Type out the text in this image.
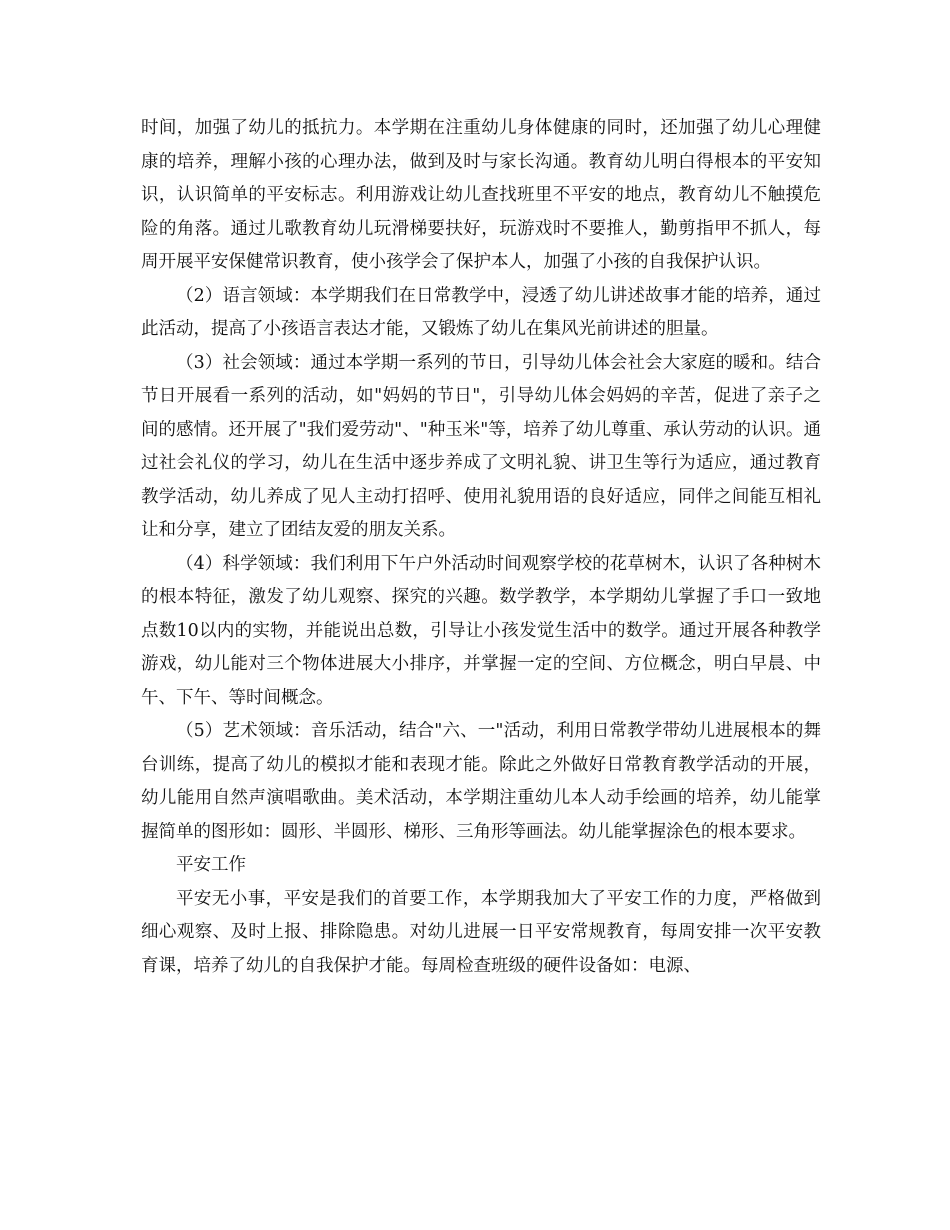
时间，加强了幼儿的抵抗力。本学期在注重幼儿身体健康的同时，还加强了幼儿心理健康的培养，理解小孩的心理办法，做到及时与家长沟通。教育幼儿明白得根本的平安知识，认识简单的平安标志。利用游戏让幼儿查找班里不平安的地点，教育幼儿不触摸危险的角落。通过儿歌教育幼儿玩滑梯要扶好，玩游戏时不要推人，勤剪指甲不抓人，每周开展平安保健常识教育，使小孩学会了保护本人，加强了小孩的自我保护认识。

（2）语言领域：本学期我们在日常教学中，浸透了幼儿讲述故事才能的培养，通过此活动，提高了小孩语言表达才能，又锻炼了幼儿在集风光前讲述的胆量。

（3）社会领域：通过本学期一系列的节日，引导幼儿体会社会大家庭的暖和。结合节日开展看一系列的活动，如"妈妈的节日"，引导幼儿体会妈妈的辛苦，促进了亲子之间的感情。还开展了"我们爱劳动"、"种玉米"等，培养了幼儿尊重、承认劳动的认识。通过社会礼仪的学习，幼儿在生活中逐步养成了文明礼貌、讲卫生等行为适应，通过教育教学活动，幼儿养成了见人主动打招呼、使用礼貌用语的良好适应，同伴之间能互相礼让和分享，建立了团结友爱的朋友关系。

（4）科学领域：我们利用下午户外活动时间观察学校的花草树木，认识了各种树木的根本特征，激发了幼儿观察、探究的兴趣。数学教学，本学期幼儿掌握了手口一致地点数10以内的实物，并能说出总数，引导让小孩发觉生活中的数学。通过开展各种教学游戏，幼儿能对三个物体进展大小排序，并掌握一定的空间、方位概念，明白早晨、中午、下午、等时间概念。

（5）艺术领域：音乐活动，结合"六、一"活动，利用日常教学带幼儿进展根本的舞台训练，提高了幼儿的模拟才能和表现才能。除此之外做好日常教育教学活动的开展，幼儿能用自然声演唱歌曲。美术活动，本学期注重幼儿本人动手绘画的培养，幼儿能掌握简单的图形如：圆形、半圆形、梯形、三角形等画法。幼儿能掌握涂色的根本要求。

平安工作

平安无小事，平安是我们的首要工作，本学期我加大了平安工作的力度，严格做到细心观察、及时上报、排除隐患。对幼儿进展一日平安常规教育，每周安排一次平安教育课，培养了幼儿的自我保护才能。每周检查班级的硬件设备如：电源、
